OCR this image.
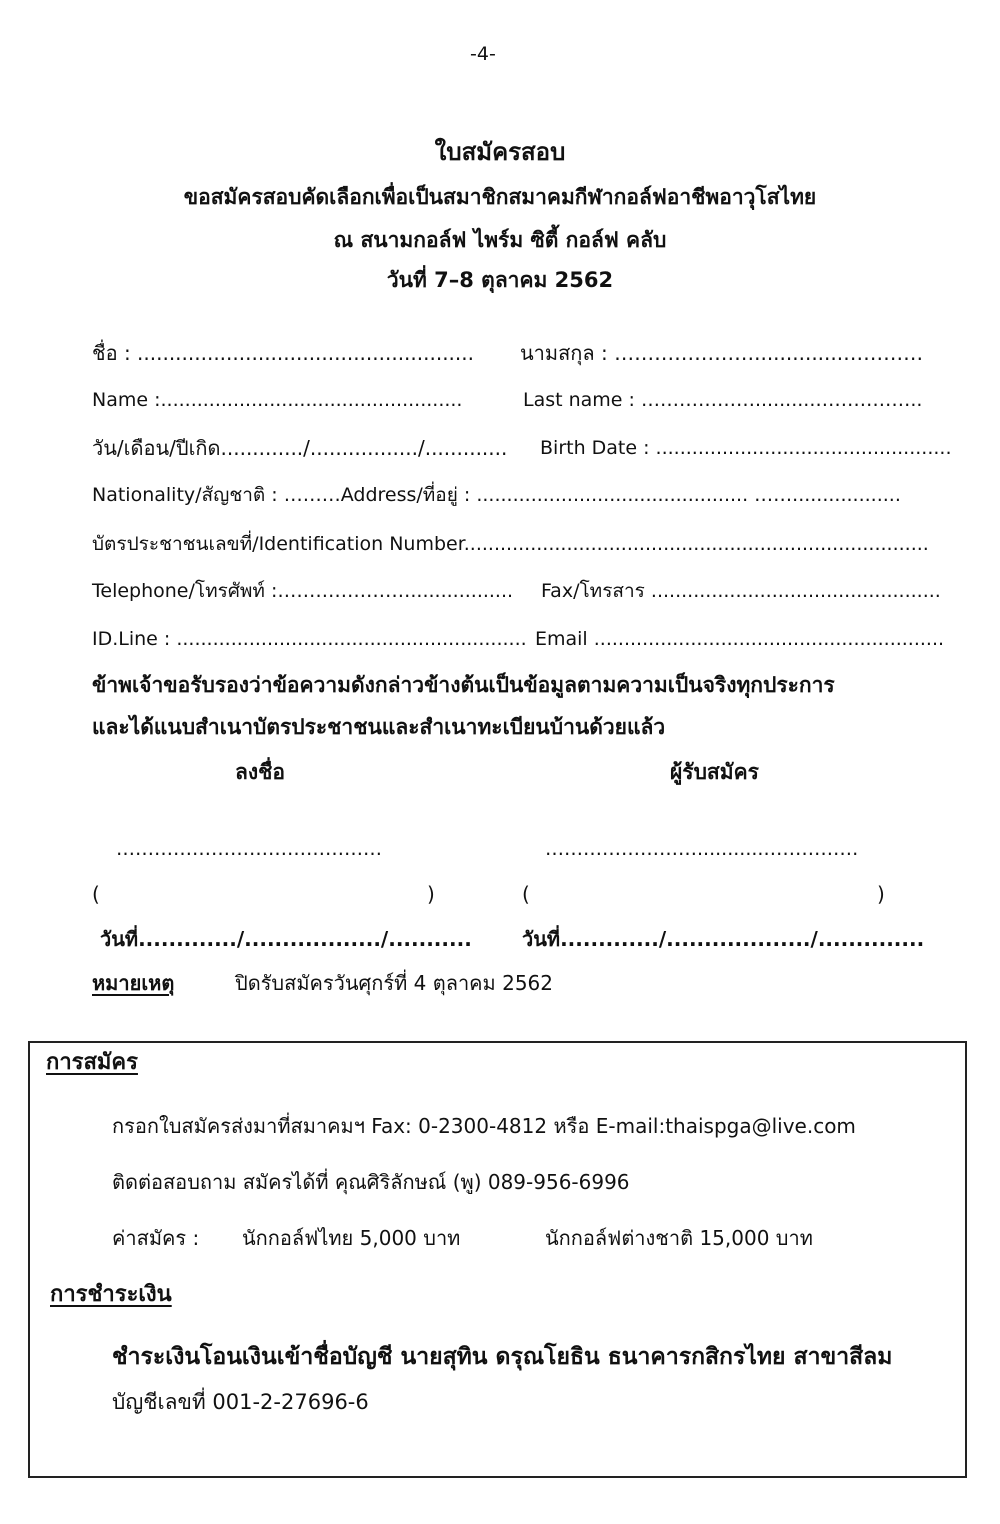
-4-
ใบสมัครสอบ
ขอสมัครสอบคัดเลือกเพื่อเป็นสมาชิกสมาคมกีฬากอล์ฟอาชีพอาวุโสไทย
ณ สนามกอล์ฟ ไพร์ม ซิตี้ กอล์ฟ คลับ
วันที่ 7–8 ตุลาคม 2562
ชื่อ : ..................................................... นามสกุล : …………………..............…………
Name :..................................................	Last name : ………………..........……………..
วัน/เดือน/ปีเกิด............./................./............. Birth Date : .................................................
Nationality/สัญชาติ : ………Address/ที่อยู่ : ............................................. ……..................
บัตรประชาชนเลขที่/Identification Number.............................................................................
Telephone/โทรศัพท์ :…………………................. Fax/โทรสาร ................................................
ID.Line : .......................................................... Email ..........................................................
ข้าพเจ้าขอรับรองว่าข้อความดังกล่าวข้างต้นเป็นข้อมูลตามความเป็นจริงทุกประการ
และได้แนบสำเนาบัตรประชาชนและสำเนาทะเบียนบ้านด้วยแล้ว
ลงชื่อ	ผู้รับสมัคร
……………………………………	……………………...........……………
(	)	(	)
วันที่............./................../...........	วันที่............./.................../..............
หมายเหตุ	ปิดรับสมัครวันศุกร์ที่ 4 ตุลาคม 2562
การสมัคร
กรอกใบสมัครส่งมาที่สมาคมฯ Fax: 0-2300-4812 หรือ E-mail:thaispga@live.com
ติดต่อสอบถาม สมัครได้ที่ คุณศิริลักษณ์ (พู) 089-956-6996
ค่าสมัคร : นักกอล์ฟไทย 5,000 บาท	นักกอล์ฟต่างชาติ 15,000 บาท
การชำระเงิน
ชำระเงินโอนเงินเข้าชื่อบัญชี นายสุทิน ดรุณโยธิน ธนาคารกสิกรไทย สาขาสีลม
บัญชีเลขที่ 001-2-27696-6
